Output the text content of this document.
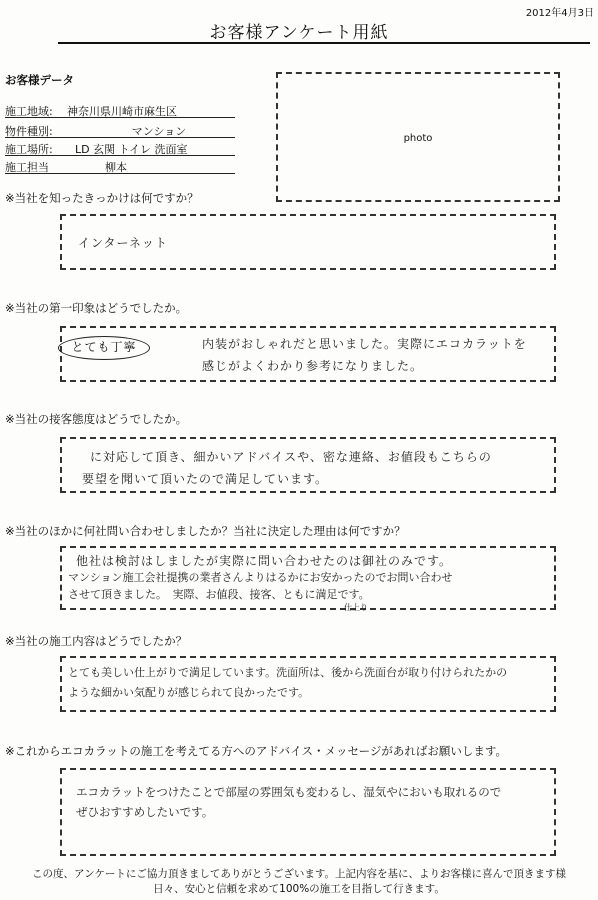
2012年4月3日
お客様アンケート用紙
お客様データ
施工地域: 神奈川県川崎市麻生区
物件種別:	マンション
施工場所: LD 玄関 トイレ 洗面室
施工担当	柳本
photo
※当社を知ったきっかけは何ですか？
インターネット
※当社の第一印象はどうでしたか。
内装がおしゃれだと思いました。実際にエコカラットを
感じがよくわかり参考になりました。
とても丁寧
※当社の接客態度はどうでしたか。
に対応して頂き、細かいアドバイスや、密な連絡、お値段もこちらの
要望を聞いて頂いたので満足しています。
※当社のほかに何社問い合わせしましたか？当社に決定した理由は何ですか？
他社は検討はしましたが実際に問い合わせたのは御社のみです。
マンション施工会社提携の業者さんよりはるかにお安かったのでお問い合わせ
させて頂きました。　実際、お値段、接客、ともに満足です。
仕上り
※当社の施工内容はどうでしたか？
とても美しい仕上がりで満足しています。洗面所は、後から洗面台が取り付けられたかの
ような細かい気配りが感じられて良かったです。
※これからエコカラットの施工を考えてる方へのアドバイス・メッセージがあればお願いします。
エコカラットをつけたことで部屋の雰囲気も変わるし、湿気やにおいも取れるので
ぜひおすすめしたいです。
この度、アンケートにご協力頂きましてありがとうございます。上記内容を基に、よりお客様に喜んで頂きます様
日々、安心と信頼を求めて100%の施工を目指して行きます。
